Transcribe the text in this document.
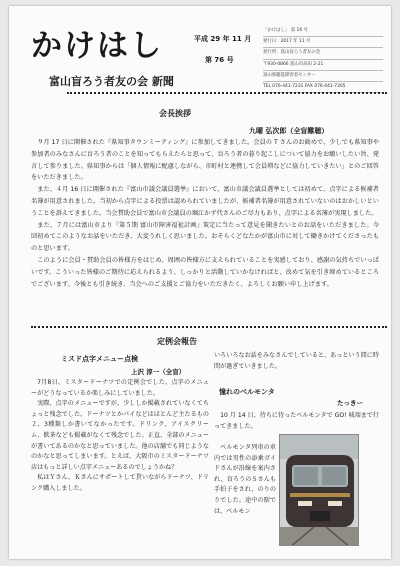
かけはし
富山盲ろう者友の会 新聞
平成 29 年 11 月
第 76 号
「かけはし」 第 16 号
発行日：2017 年 11 月
発行所：富山盲ろう者友の会
〒930-0866 富山市高田 2-21
富山県聴覚障害者センター
TEL 076-441-7231 FAX 076-441-7305
会長挨拶
九曜 弘次郎（全盲難聴）

９月 17 日に開催された『県知事タウンミーティング』に参加してきました。会員の T さんのお勧めで、少しでも県知事や参加者のみなさんに盲ろう者のことを知ってもらえたらと思って、盲ろう者の暮り起こしについて協力をお願いしたい旨、発言して参りました。県知事からは「個人情報に配慮しながら、市町村と連携して会員増などに協力していきたい」とのご回答をいただきました。

また、４月 16 日に開催された『富山市議会議員選挙』において、富山市議会議員選挙としては初めて、点字による候補者名簿が用意されました。当初から点字による投票は認められていましたが、候補者名簿が用意されていないのはおかしいということを訴えてきました。当会賛助会員で富山市会議員の堀江かず代さんのご尽力もあり、点字による名簿が実現しました。

また、７月には富山市より『第５期 富山市障害福祉計画』策定に当たって意見を聞きたいとのお話をいただきました。今回初めてこのようなお話をいただき、大変うれしく思いました。おそらくどなたかが富山市に対して働きかけてくださったものと思います。

このように会員・賛助会員の皆様方をはじめ、周囲の皆様方に支えられていることを実感しており、感謝の気持ちでいっぱいです。こういった皆様のご期待に応えられるよう、しっかりと活動していかなければと、改めて気を引き締めているところでございます。今後とも引き続き、当会へのご支援とご協力をいただきたく、よろしくお願い申し上げます。

定例会報告
ミスド点字メニュー点検
上沢 淳一（全盲）

7月8日、ミスタードーナツでの定例会でした。点字のメニューがどうなっているか楽しみにしていました。

実際、点字のメニューですが、少ししか掲載されていなくてちょっと残念でした。ドーナツとかパイなどはほとんど主たるもの２、3種類しか書いてなかったです。ドリンク、アイスクリーム、飲茶なども掲載がなくて残念でした。正直、全部のメニューが書いてあるのかなと思っていました。他の店舗でも同じようなのかなと思ってしまいます。とえば、大阪市のミスタードーナツ店はもっと詳しい点字メニューあるのでしょうかね？

私はＹさん、Ｋさんにサポートして貰いながらドーナツ、ドリンク購入しました。

いろいろなお話をみなさんでしていると、あっという間に時間が過ぎていきました。
憧れのベルモンタ
たっきー

10 月 14 日、待ちに待ったベルモンタで GO! 城端まで行ってきました。

ベルモンタ列車の車内では男性の添乗ガイドさんが沿線を案内され、盲ろうのＳさんも手拍子をされ、のりのりでした。途中の駅では、ベルモン
